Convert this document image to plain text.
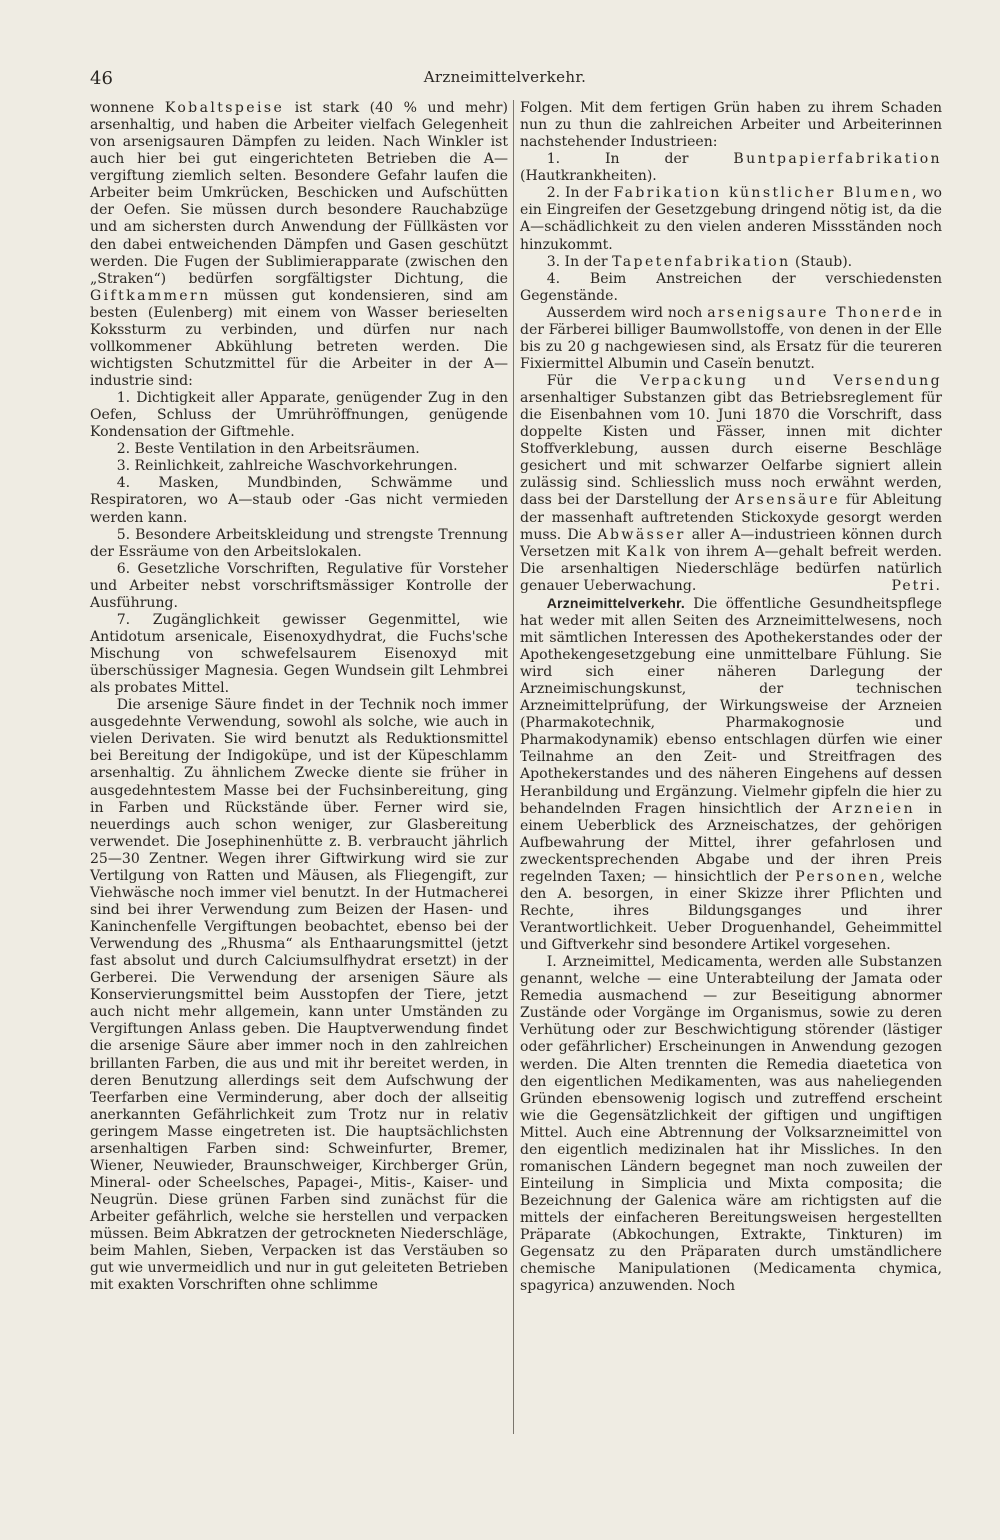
46	Arzneimittelverkehr.

wonnene Kobaltspeise ist stark (40 % und mehr) arsenhaltig, und haben die Arbeiter vielfach Gelegenheit von arsenigsauren Dämpfen zu leiden. Nach Winkler ist auch hier bei gut eingerichteten Betrieben die A—vergiftung ziemlich selten. Besondere Gefahr laufen die Arbeiter beim Umkrücken, Beschicken und Aufschütten der Oefen. Sie müssen durch besondere Rauchabzüge und am sichersten durch Anwendung der Füllkästen vor den dabei entweichenden Dämpfen und Gasen geschützt werden. Die Fugen der Sublimierapparate (zwischen den „Straken“) bedürfen sorgfältigster Dichtung, die Giftkammern müssen gut kondensieren, sind am besten (Eulenberg) mit einem von Wasser berieselten Kokssturm zu verbinden, und dürfen nur nach vollkommener Abkühlung betreten werden. Die wichtigsten Schutzmittel für die Arbeiter in der A—industrie sind:

1. Dichtigkeit aller Apparate, genügender Zug in den Oefen, Schluss der Umrühröffnungen, genügende Kondensation der Giftmehle.

2. Beste Ventilation in den Arbeitsräumen.

3. Reinlichkeit, zahlreiche Waschvorkehrungen.

4. Masken, Mundbinden, Schwämme und Respiratoren, wo A—staub oder -Gas nicht vermieden werden kann.

5. Besondere Arbeitskleidung und strengste Trennung der Essräume von den Arbeitslokalen.

6. Gesetzliche Vorschriften, Regulative für Vorsteher und Arbeiter nebst vorschriftsmässiger Kontrolle der Ausführung.

7. Zugänglichkeit gewisser Gegenmittel, wie Antidotum arsenicale, Eisenoxydhydrat, die Fuchs'sche Mischung von schwefelsaurem Eisenoxyd mit überschüssiger Magnesia. Gegen Wundsein gilt Lehmbrei als probates Mittel.

Die arsenige Säure findet in der Technik noch immer ausgedehnte Verwendung, sowohl als solche, wie auch in vielen Derivaten. Sie wird benutzt als Reduktionsmittel bei Bereitung der Indigoküpe, und ist der Küpeschlamm arsenhaltig. Zu ähnlichem Zwecke diente sie früher in ausgedehntestem Masse bei der Fuchsinbereitung, ging in Farben und Rückstände über. Ferner wird sie, neuerdings auch schon weniger, zur Glasbereitung verwendet. Die Josephinenhütte z. B. verbraucht jährlich 25—30 Zentner. Wegen ihrer Giftwirkung wird sie zur Vertilgung von Ratten und Mäusen, als Fliegengift, zur Viehwäsche noch immer viel benutzt. In der Hutmacherei sind bei ihrer Verwendung zum Beizen der Hasen- und Kaninchenfelle Vergiftungen beobachtet, ebenso bei der Verwendung des „Rhusma“ als Enthaarungsmittel (jetzt fast absolut und durch Calciumsulfhydrat ersetzt) in der Gerberei. Die Verwendung der arsenigen Säure als Konservierungsmittel beim Ausstopfen der Tiere, jetzt auch nicht mehr allgemein, kann unter Umständen zu Vergiftungen Anlass geben. Die Hauptverwendung findet die arsenige Säure aber immer noch in den zahlreichen brillanten Farben, die aus und mit ihr bereitet werden, in deren Benutzung allerdings seit dem Aufschwung der Teerfarben eine Verminderung, aber doch der allseitig anerkannten Gefährlichkeit zum Trotz nur in relativ geringem Masse eingetreten ist. Die hauptsächlichsten arsenhaltigen Farben sind: Schweinfurter, Bremer, Wiener, Neuwieder, Braunschweiger, Kirchberger Grün, Mineral- oder Scheelsches, Papagei-, Mitis-, Kaiser- und Neugrün. Diese grünen Farben sind zunächst für die Arbeiter gefährlich, welche sie herstellen und verpacken müssen. Beim Abkratzen der getrockneten Niederschläge, beim Mahlen, Sieben, Verpacken ist das Verstäuben so gut wie unvermeidlich und nur in gut geleiteten Betrieben mit exakten Vorschriften ohne schlimme

Folgen. Mit dem fertigen Grün haben zu ihrem Schaden nun zu thun die zahlreichen Arbeiter und Arbeiterinnen nachstehender Industrieen:

1. In der Buntpapierfabrikation (Hautkrankheiten).

2. In der Fabrikation künstlicher Blumen, wo ein Eingreifen der Gesetzgebung dringend nötig ist, da die A—schädlichkeit zu den vielen anderen Missständen noch hinzukommt.

3. In der Tapetenfabrikation (Staub).

4. Beim Anstreichen der verschiedensten Gegenstände.

Ausserdem wird noch arsenigsaure Thonerde in der Färberei billiger Baumwollstoffe, von denen in der Elle bis zu 20 g nachgewiesen sind, als Ersatz für die teureren Fixiermittel Albumin und Caseïn benutzt.

Für die Verpackung und Versendung arsenhaltiger Substanzen gibt das Betriebsreglement für die Eisenbahnen vom 10. Juni 1870 die Vorschrift, dass doppelte Kisten und Fässer, innen mit dichter Stoffverklebung, aussen durch eiserne Beschläge gesichert und mit schwarzer Oelfarbe signiert allein zulässig sind. Schliesslich muss noch erwähnt werden, dass bei der Darstellung der Arsensäure für Ableitung der massenhaft auftretenden Stickoxyde gesorgt werden muss. Die Abwässer aller A—industrieen können durch Versetzen mit Kalk von ihrem A—gehalt befreit werden. Die arsenhaltigen Niederschläge bedürfen natürlich genauer Ueberwachung.	Petri.

Arzneimittelverkehr. Die öffentliche Gesundheitspflege hat weder mit allen Seiten des Arzneimittelwesens, noch mit sämtlichen Interessen des Apothekerstandes oder der Apothekengesetzgebung eine unmittelbare Fühlung. Sie wird sich einer näheren Darlegung der Arzneimischungskunst, der technischen Arzneimittelprüfung, der Wirkungsweise der Arzneien (Pharmakotechnik, Pharmakognosie und Pharmakodynamik) ebenso entschlagen dürfen wie einer Teilnahme an den Zeit- und Streitfragen des Apothekerstandes und des näheren Eingehens auf dessen Heranbildung und Ergänzung. Vielmehr gipfeln die hier zu behandelnden Fragen hinsichtlich der Arzneien in einem Ueberblick des Arzneischatzes, der gehörigen Aufbewahrung der Mittel, ihrer gefahrlosen und zweckentsprechenden Abgabe und der ihren Preis regelnden Taxen; — hinsichtlich der Personen, welche den A. besorgen, in einer Skizze ihrer Pflichten und Rechte, ihres Bildungsganges und ihrer Verantwortlichkeit. Ueber Droguenhandel, Geheimmittel und Giftverkehr sind besondere Artikel vorgesehen.

I. Arzneimittel, Medicamenta, werden alle Substanzen genannt, welche — eine Unterabteilung der Jamata oder Remedia ausmachend — zur Beseitigung abnormer Zustände oder Vorgänge im Organismus, sowie zu deren Verhütung oder zur Beschwichtigung störender (lästiger oder gefährlicher) Erscheinungen in Anwendung gezogen werden. Die Alten trennten die Remedia diaetetica von den eigentlichen Medikamenten, was aus naheliegenden Gründen ebensowenig logisch und zutreffend erscheint wie die Gegensätzlichkeit der giftigen und ungiftigen Mittel. Auch eine Abtrennung der Volksarzneimittel von den eigentlich medizinalen hat ihr Missliches. In den romanischen Ländern begegnet man noch zuweilen der Einteilung in Simplicia und Mixta composita; die Bezeichnung der Galenica wäre am richtigsten auf die mittels der einfacheren Bereitungsweisen hergestellten Präparate (Abkochungen, Extrakte, Tinkturen) im Gegensatz zu den Präparaten durch umständlichere chemische Manipulationen (Medicamenta chymica, spagyrica) anzuwenden. Noch
